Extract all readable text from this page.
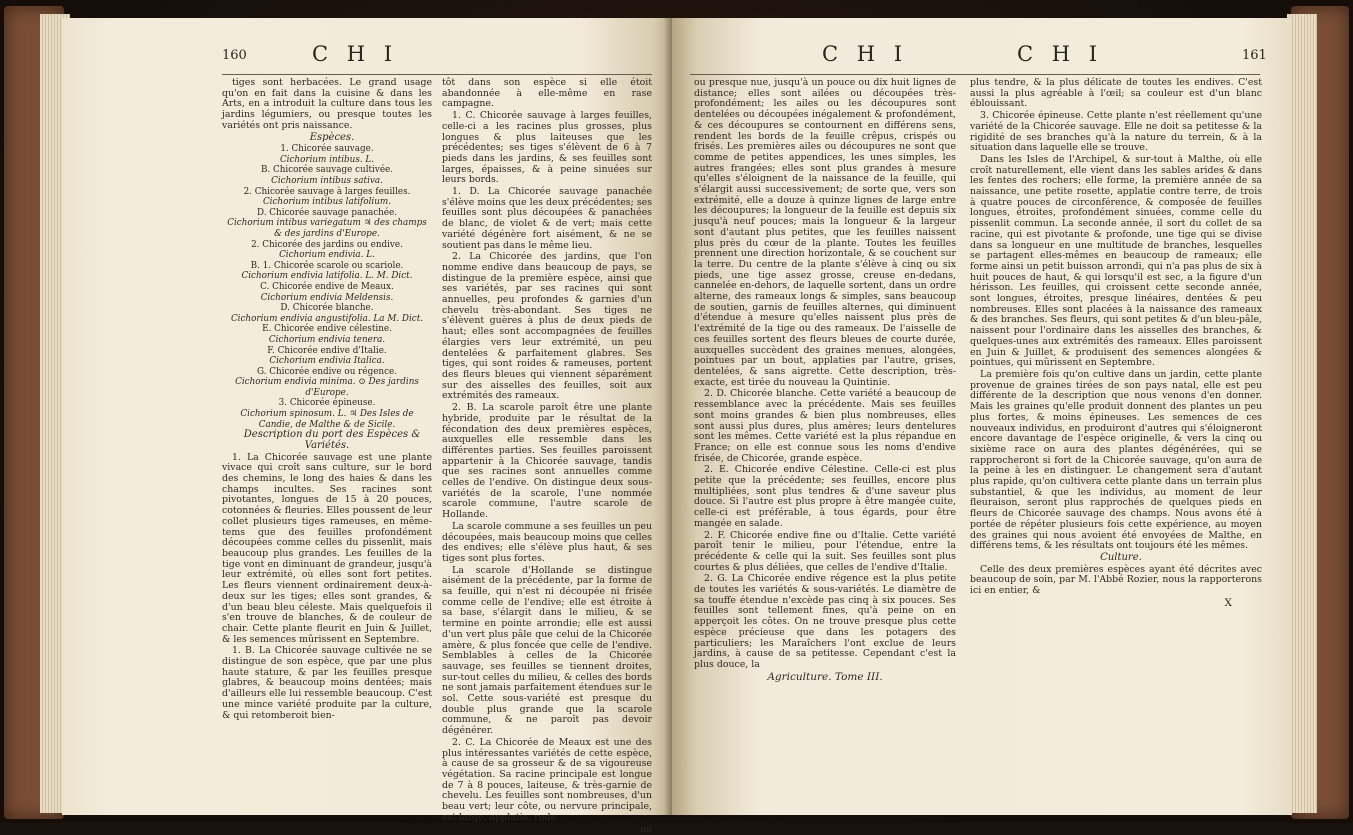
160	C H I

tiges sont herbacées. Le grand usage qu'on en fait dans la cuisine & dans les Arts, en a introduit la culture dans tous les jardins légumiers, ou presque toutes les variétés ont pris naissance.

Espèces.

1. Chicorée sauvage.
Cichorium intibus. L.
B. Chicorée sauvage cultivée.
Cichorium intibus sativa.
2. Chicorée sauvage à larges feuilles.
Cichorium intibus latifolium.
D. Chicorée sauvage panachée.
Cichorium intibus variegatum ♃ des champs & des jardins d'Europe.
2. Chicorée des jardins ou endive.
Cichorium endivia. L.
B. 1. Chicorée scarole ou scariole.
Cichorium endivia latifolia. L. M. Dict.
C. Chicorée endive de Meaux.
Cichorium endivia Meldensis.
D. Chicorée blanche.
Cichorium endivia angustifolia. La M. Dict.
E. Chicorée endive célestine.
Cichorium endivia tenera.
F. Chicorée endive d'Italie.
Cichorium endivia Italica.
G. Chicorée endive ou régence.
Cichorium endivia minima. ⊙ Des jardins d'Europe.
3. Chicorée épineuse.
Cichorium spinosum. L. ♃ Des Isles de Candie, de Malthe & de Sicile.

Description du port des Espèces & Variétés.

1. La Chicorée sauvage est une plante vivace qui croît sans culture, sur le bord des chemins, le long des haies & dans les champs incultes. Ses racines sont pivotantes, longues de 15 à 20 pouces, cotonnées & fleuries. Elles poussent de leur collet plusieurs tiges rameuses, en même-tems que des feuilles profondément découpées comme celles du pissenlit, mais beaucoup plus grandes. Les feuilles de la tige vont en diminuant de grandeur, jusqu'à leur extrémité, où elles sont fort petites. Les fleurs viennent ordinairement deux-à-deux sur les tiges; elles sont grandes, & d'un beau bleu céleste. Mais quelquefois il s'en trouve de blanches, & de couleur de chair. Cette plante fleurit en Juin & Juillet, & les semences mûrissent en Septembre.

1. B. La Chicorée sauvage cultivée ne se distingue de son espèce, que par une plus haute stature, & par les feuilles presque glabres, & beaucoup moins dentées; mais d'ailleurs elle lui ressemble beaucoup. C'est une mince variété produite par la culture, & qui retomberoit bien-

tôt dans son espèce si elle étoit abandonnée à elle-même en rase campagne.

1. C. Chicorée sauvage à larges feuilles, celle-ci a les racines plus grosses, plus longues & plus laiteuses que les précédentes; ses tiges s'élèvent de 6 à 7 pieds dans les jardins, & ses feuilles sont larges, épaisses, & à peine sinuées sur leurs bords.

1. D. La Chicorée sauvage panachée s'élève moins que les deux précédentes; ses feuilles sont plus découpées & panachées de blanc, de violet & de vert; mais cette variété dégénère fort aisément, & ne se soutient pas dans le même lieu.

2. La Chicorée des jardins, que l'on nomme endive dans beaucoup de pays, se distingue de la première espèce, ainsi que ses variétés, par ses racines qui sont annuelles, peu profondes & garnies d'un chevelu très-abondant. Ses tiges ne s'élèvent guères à plus de deux pieds de haut; elles sont accompagnées de feuilles élargies vers leur extrémité, un peu dentelées & parfaitement glabres. Ses tiges, qui sont roides & rameuses, portent des fleurs bleues qui viennent séparément sur des aisselles des feuilles, soit aux extrémités des rameaux.

2. B. La scarole paroît être une plante hybride, produite par le résultat de la fécondation des deux premières espèces, auxquelles elle ressemble dans les différentes parties. Ses feuilles paroissent appartenir à la Chicorée sauvage, tandis que ses racines sont annuelles comme celles de l'endive. On distingue deux sous-variétés de la scarole, l'une nommée scarole commune, l'autre scarole de Hollande.

La scarole commune a ses feuilles un peu découpées, mais beaucoup moins que celles des endives; elle s'élève plus haut, & ses tiges sont plus fortes.

La scarole d'Hollande se distingue aisément de la précédente, par la forme de sa feuille, qui n'est ni découpée ni frisée comme celle de l'endive; elle est étroite à sa base, s'élargit dans le milieu, & se termine en pointe arrondie; elle est aussi d'un vert plus pâle que celui de la Chicorée amère, & plus foncée que celle de l'endive. Semblables à celles de la Chicorée sauvage, ses feuilles se tiennent droites, sur-tout celles du milieu, & celles des bords ne sont jamais parfaitement étendues sur le sol. Cette sous-variété est presque du double plus grande que la scarole commune, & ne paroît pas devoir dégénérer.

2. C. La Chicorée de Meaux est une des plus intéressantes variétés de cette espèce, à cause de sa grosseur & de sa vigoureuse végétation. Sa racine principale est longue de 7 à 8 pouces, laiteuse, & très-garnie de chevelu. Les feuilles sont nombreuses, d'un beau vert; leur côte, ou nervure principale, est large, applatie, rude

ou
C H I	C H I	161

ou presque nue, jusqu'à un pouce ou dix huit lignes de distance; elles sont ailées ou découpées très-profondément; les ailes ou les découpures sont dentelées ou découpées inégalement & profondément, & ces découpures se contournent en différens sens, rendent les bords de la feuille crêpus, crispés ou frisés. Les premières ailes ou découpures ne sont que comme de petites appendices, les unes simples, les autres frangées; elles sont plus grandes à mesure qu'elles s'éloignent de la naissance de la feuille, qui s'élargit aussi successivement; de sorte que, vers son extrémité, elle a douze à quinze lignes de large entre les découpures; la longueur de la feuille est depuis six jusqu'à neuf pouces; mais la longueur & la largeur sont d'autant plus petites, que les feuilles naissent plus près du cœur de la plante. Toutes les feuilles prennent une direction horizontale, & se couchent sur la terre. Du centre de la plante s'élève à cinq ou six pieds, une tige assez grosse, creuse en-dedans, cannelée en-dehors, de laquelle sortent, dans un ordre alterne, des rameaux longs & simples, sans beaucoup de soutien, garnis de feuilles alternes, qui diminuent d'étendue à mesure qu'elles naissent plus près de l'extrémité de la tige ou des rameaux. De l'aisselle de ces feuilles sortent des fleurs bleues de courte durée, auxquelles succèdent des graines menues, alongées, pointues par un bout, applaties par l'autre, grises, dentelées, & sans aigrette. Cette description, très-exacte, est tirée du nouveau la Quintinie.

2. D. Chicorée blanche. Cette variété a beaucoup de ressemblance avec la précédente. Mais ses feuilles sont moins grandes & bien plus nombreuses, elles sont aussi plus dures, plus amères; leurs dentelures sont les mêmes. Cette variété est la plus répandue en France; on elle est connue sous les noms d'endive frisée, de Chicorée, grande espèce.

2. E. Chicorée endive Célestine. Celle-ci est plus petite que la précédente; ses feuilles, encore plus multipliées, sont plus tendres & d'une saveur plus douce. Si l'autre est plus propre à être mangée cuite, celle-ci est préférable, à tous égards, pour être mangée en salade.

2. F. Chicorée endive fine ou d'Italie. Cette variété paroît tenir le milieu, pour l'étendue, entre la précédente & celle qui la suit. Ses feuilles sont plus courtes & plus déliées, que celles de l'endive d'Italie.

2. G. La Chicorée endive régence est la plus petite de toutes les variétés & sous-variétés. Le diamètre de sa touffe étendue n'excède pas cinq à six pouces. Ses feuilles sont tellement fines, qu'à peine on en apperçoit les côtes. On ne trouve presque plus cette espèce précieuse que dans les potagers des particuliers; les Maraîchers l'ont exclue de leurs jardins, à cause de sa petitesse. Cependant c'est la plus douce, la

Agriculture. Tome III.

plus tendre, & la plus délicate de toutes les endives. C'est aussi la plus agréable à l'œil; sa couleur est d'un blanc éblouissant.

3. Chicorée épineuse. Cette plante n'est réellement qu'une variété de la Chicorée sauvage. Elle ne doit sa petitesse & la rigidité de ses branches qu'à la nature du terrein, & à la situation dans laquelle elle se trouve.

Dans les Isles de l'Archipel, & sur-tout à Malthe, où elle croît naturellement, elle vient dans les sables arides & dans les fentes des rochers; elle forme, la première année de sa naissance, une petite rosette, applatie contre terre, de trois à quatre pouces de circonférence, & composée de feuilles longues, étroites, profondément sinuées, comme celle du pissenlit commun. La seconde année, il sort du collet de sa racine, qui est pivotante & profonde, une tige qui se divise dans sa longueur en une multitude de branches, lesquelles se partagent elles-mêmes en beaucoup de rameaux; elle forme ainsi un petit buisson arrondi, qui n'a pas plus de six à huit pouces de haut, & qui lorsqu'il est sec, a la figure d'un hérisson. Les feuilles, qui croissent cette seconde année, sont longues, étroites, presque linéaires, dentées & peu nombreuses. Elles sont placées à la naissance des rameaux & des branches. Ses fleurs, qui sont petites & d'un bleu-pâle, naissent pour l'ordinaire dans les aisselles des branches, & quelques-unes aux extrémités des rameaux. Elles paroissent en Juin & Juillet, & produisent des semences alongées & pointues, qui mûrissent en Septembre.

La première fois qu'on cultive dans un jardin, cette plante provenue de graines tirées de son pays natal, elle est peu différente de la description que nous venons d'en donner. Mais les graines qu'elle produit donnent des plantes un peu plus fortes, & moins épineuses. Les semences de ces nouveaux individus, en produiront d'autres qui s'éloigneront encore davantage de l'espèce originelle, & vers la cinq ou sixième race on aura des plantes dégénérées, qui se rapprocheront si fort de la Chicorée sauvage, qu'on aura de la peine à les en distinguer. Le changement sera d'autant plus rapide, qu'on cultivera cette plante dans un terrain plus substantiel, & que les individus, au moment de leur fleuraison, seront plus rapprochés de quelques pieds en fleurs de Chicorée sauvage des champs. Nous avons été à portée de répéter plusieurs fois cette expérience, au moyen des graines qui nous avoient été envoyées de Malthe, en différens tems, & les résultats ont toujours été les mêmes.

Culture.

Celle des deux premières espèces ayant été décrites avec beaucoup de soin, par M. l'Abbé Rozier, nous la rapporterons ici en entier, &

X
